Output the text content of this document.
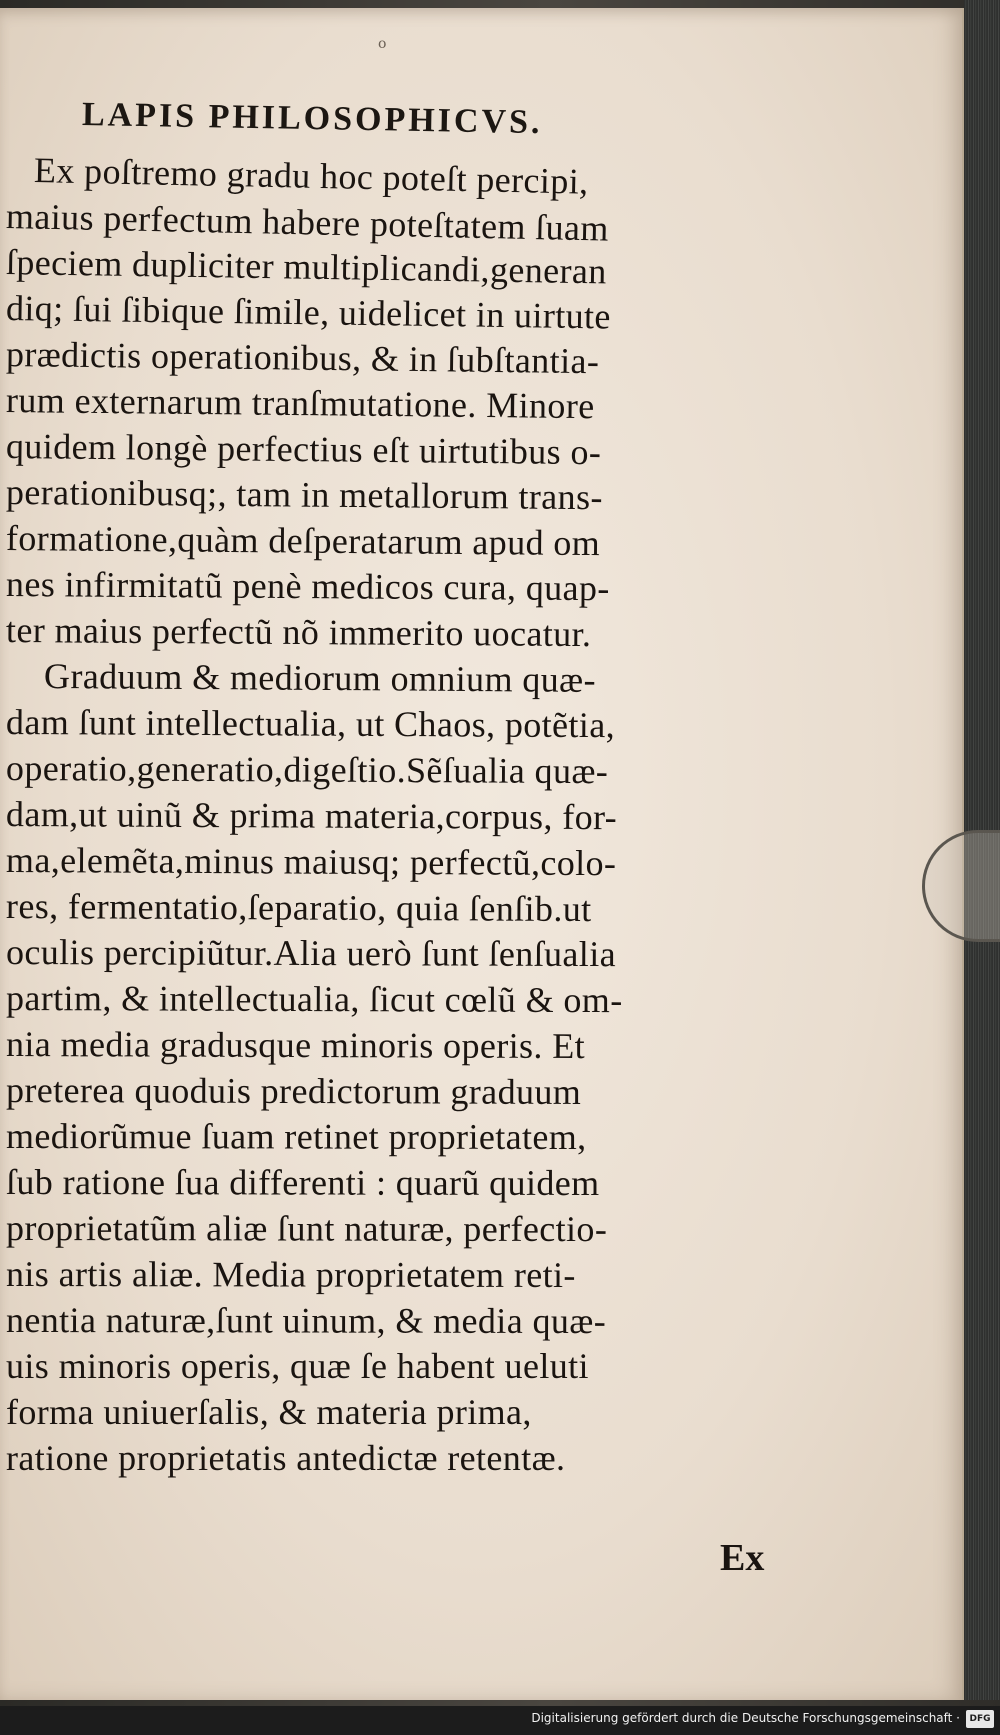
o
LAPIS PHILOSOPHICVS.
Ex poſtremo gradu hoc poteſt percipi,
maius perfectum habere poteſtatem ſuam
ſpeciem dupliciter multiplicandi,generan
diq; ſui ſibique ſimile, uidelicet in uirtute
prædictis operationibus, & in ſubſtantia-
rum externarum tranſmutatione. Minore
quidem longè perfectius eſt uirtutibus o-
perationibusq;, tam in metallorum trans-
formatione,quàm deſperatarum apud om
nes infirmitatũ penè medicos cura, quap-
ter maius perfectũ nõ immerito uocatur.
Graduum & mediorum omnium quæ-
dam ſunt intellectualia, ut Chaos, potẽtia,
operatio,generatio,digeſtio.Sẽſualia quæ-
dam,ut uinũ & prima materia,corpus, for-
ma,elemẽta,minus maiusq; perfectũ,colo-
res, fermentatio,ſeparatio, quia ſenſib.ut
oculis percipiũtur.Alia uerò ſunt ſenſualia
partim, & intellectualia, ſicut cœlũ & om-
nia media gradusque minoris operis. Et
preterea quoduis predictorum graduum
mediorũmue ſuam retinet proprietatem,
ſub ratione ſua differenti : quarũ quidem
proprietatũm aliæ ſunt naturæ, perfectio-
nis artis aliæ. Media proprietatem reti-
nentia naturæ,ſunt uinum, & media quæ-
uis minoris operis, quæ ſe habent ueluti
forma uniuerſalis, & materia prima,
ratione proprietatis antedictæ retentæ.
Ex
Digitalisierung gefördert durch die Deutsche Forschungsgemeinschaft ·	DFG
